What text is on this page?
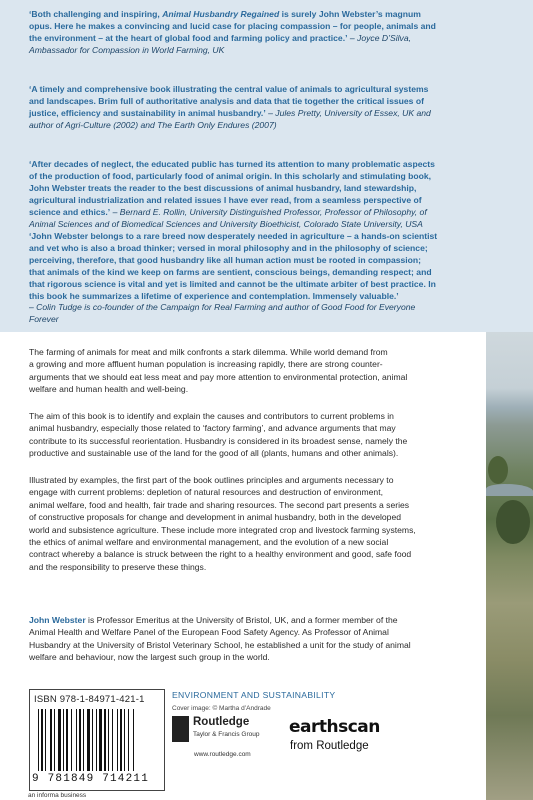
‘Both challenging and inspiring, Animal Husbandry Regained is surely John Webster’s magnum
opus. Here he makes a convincing and lucid case for placing compassion – for people, animals and
the environment – at the heart of global food and farming policy and practice.’ – Joyce D’Silva,
Ambassador for Compassion in World Farming, UK
‘A timely and comprehensive book illustrating the central value of animals to agricultural systems
and landscapes. Brim full of authoritative analysis and data that tie together the critical issues of
justice, efficiency and sustainability in animal husbandry.’ – Jules Pretty, University of Essex, UK and
author of Agri-Culture (2002) and The Earth Only Endures (2007)
‘After decades of neglect, the educated public has turned its attention to many problematic aspects
of the production of food, particularly food of animal origin. In this scholarly and stimulating book,
John Webster treats the reader to the best discussions of animal husbandry, land stewardship,
agricultural industrialization and related issues I have ever read, from a seamless perspective of
science and ethics.’ – Bernard E. Rollin, University Distinguished Professor, Professor of Philosophy, of
Animal Sciences and of Biomedical Sciences and University Bioethicist, Colorado State University, USA
‘John Webster belongs to a rare breed now desperately needed in agriculture – a hands-on scientist
and vet who is also a broad thinker; versed in moral philosophy and in the philosophy of science;
perceiving, therefore, that good husbandry like all human action must be rooted in compassion;
that animals of the kind we keep on farms are sentient, conscious beings, demanding respect; and
that rigorous science is vital and yet is limited and cannot be the ultimate arbiter of best practice. In
this book he summarizes a lifetime of experience and contemplation. Immensely valuable.’
– Colin Tudge is co-founder of the Campaign for Real Farming and author of Good Food for Everyone
Forever
The farming of animals for meat and milk confronts a stark dilemma. While world demand from
a growing and more affluent human population is increasing rapidly, there are strong counter-
arguments that we should eat less meat and pay more attention to environmental protection, animal
welfare and human health and well-being.
The aim of this book is to identify and explain the causes and contributors to current problems in
animal husbandry, especially those related to ‘factory farming’, and advance arguments that may
contribute to its successful reorientation. Husbandry is considered in its broadest sense, namely the
productive and sustainable use of the land for the good of all (plants, humans and other animals).
Illustrated by examples, the first part of the book outlines principles and arguments necessary to
engage with current problems: depletion of natural resources and destruction of environment,
animal welfare, food and health, fair trade and sharing resources. The second part presents a series
of constructive proposals for change and development in animal husbandry, both in the developed
world and subsistence agriculture. These include more integrated crop and livestock farming systems,
the ethics of animal welfare and environmental management, and the evolution of a new social
contract whereby a balance is struck between the right to a healthy environment and good, safe food
and the responsibility to preserve these things.
John Webster is Professor Emeritus at the University of Bristol, UK, and a former member of the
Animal Health and Welfare Panel of the European Food Safety Agency. As Professor of Animal
Husbandry at the University of Bristol Veterinary School, he established a unit for the study of animal
welfare and behaviour, now the largest such group in the world.
ISBN 978-1-84971-421-1
9 781849 714211
an informa business
ENVIRONMENT AND SUSTAINABILITY
Cover image: © Martha d’Andrade
Routledge
Taylor & Francis Group
www.routledge.com
earthscan
from Routledge
